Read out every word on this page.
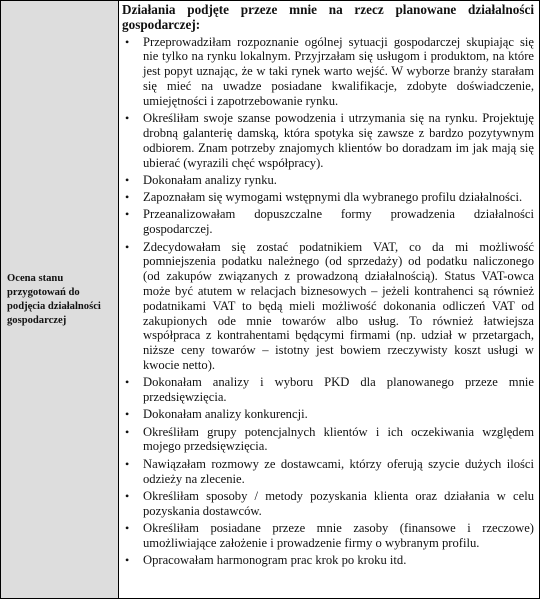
Ocena stanu przygotowań do podjęcia działalności gospodarczej

Działania podjęte przeze mnie na rzecz planowane działalności gospodarczej:
• Przeprowadziłam rozpoznanie ogólnej sytuacji gospodarczej skupiając się nie tylko na rynku lokalnym. Przyjrzałam się usługom i produktom, na które jest popyt uznając, że w taki rynek warto wejść. W wyborze branży starałam się mieć na uwadze posiadane kwalifikacje, zdobyte doświadczenie, umiejętności i zapotrzebowanie rynku.
• Określiłam swoje szanse powodzenia i utrzymania się na rynku. Projektuję drobną galanterię damską, która spotyka się zawsze z bardzo pozytywnym odbiorem. Znam potrzeby znajomych klientów bo doradzam im jak mają się ubierać (wyrazili chęć współpracy).
• Dokonałam analizy rynku.
• Zapoznałam się wymogami wstępnymi dla wybranego profilu działalności.
• Przeanalizowałam dopuszczalne formy prowadzenia działalności gospodarczej.
• Zdecydowałam się zostać podatnikiem VAT, co da mi możliwość pomniejszenia podatku należnego (od sprzedaży) od podatku naliczonego (od zakupów związanych z prowadzoną działalnością). Status VAT-owca może być atutem w relacjach biznesowych – jeżeli kontrahenci są również podatnikami VAT to będą mieli możliwość dokonania odliczeń VAT od zakupionych ode mnie towarów albo usług. To również łatwiejsza współpraca z kontrahentami będącymi firmami (np. udział w przetargach, niższe ceny towarów – istotny jest bowiem rzeczywisty koszt usługi w kwocie netto).
• Dokonałam analizy i wyboru PKD dla planowanego przeze mnie przedsięwzięcia.
• Dokonałam analizy konkurencji.
• Określiłam grupy potencjalnych klientów i ich oczekiwania względem mojego przedsięwzięcia.
• Nawiązałam rozmowy ze dostawcami, którzy oferują szycie dużych ilości odzieży na zlecenie.
• Określiłam sposoby / metody pozyskania klienta oraz działania w celu pozyskania dostawców.
• Określiłam posiadane przeze mnie zasoby (finansowe i rzeczowe) umożliwiające założenie i prowadzenie firmy o wybranym profilu.
• Opracowałam harmonogram prac krok po kroku itd.
